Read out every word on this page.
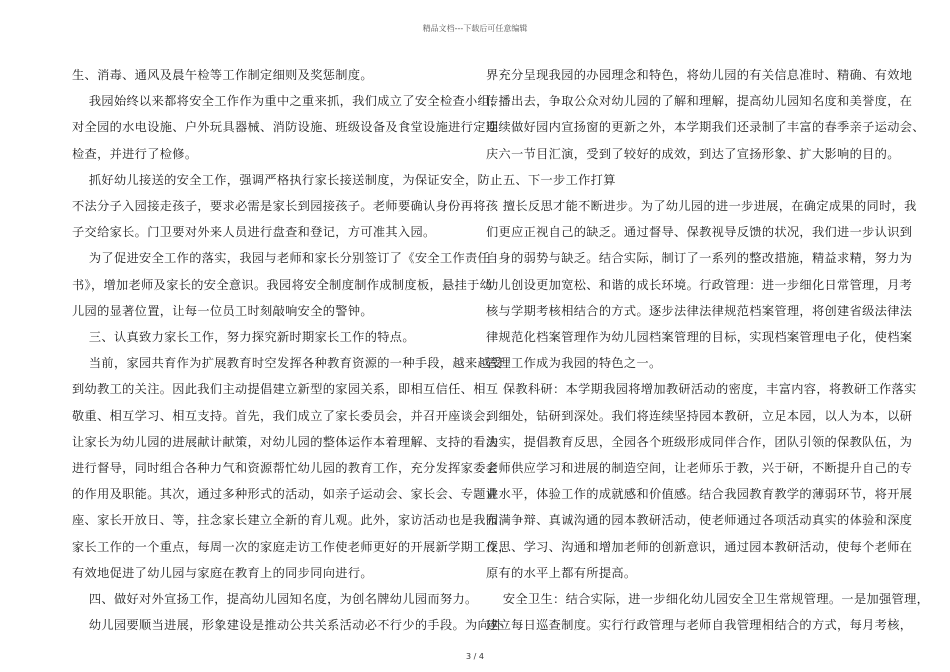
精品文档---下载后可任意编辑

生、消毒、通风及晨午检等工作制定细则及奖惩制度。

我园始终以来都将安全工作作为重中之重来抓，我们成立了安全检查小组，

对全园的水电设施、户外玩具器械、消防设施、班级设备及食堂设施进行定期

检查，并进行了检修。

抓好幼儿接送的安全工作，强调严格执行家长接送制度，为保证安全，防止

不法分子入园接走孩子，要求必需是家长到园接孩子。老师要确认身份再将孩

子交给家长。门卫要对外来人员进行盘查和登记，方可准其入园。

为了促进安全工作的落实，我园与老师和家长分别签订了《安全工作责任

书》，增加老师及家长的安全意识。我园将安全制度制作成制度板，悬挂于幼

儿园的显著位置，让每一位员工时刻敲响安全的警钟。

三、认真致力家长工作，努力探究新时期家长工作的特点。

当前，家园共育作为扩展教育时空发挥各种教育资源的一种手段，越来越受

到幼教工的关注。因此我们主动提倡建立新型的家园关系，即相互信任、相互

敬重、相互学习、相互支持。首先，我们成立了家长委员会，并召开座谈会，

让家长为幼儿园的进展献计献策，对幼儿园的整体运作本着理解、支持的看法

进行督导，同时组合各种力气和资源帮忙幼儿园的教育工作，充分发挥家委会

的作用及职能。其次，通过多种形式的活动，如亲子运动会、家长会、专题讲

座、家长开放日、等，拄念家长建立全新的育儿观。此外，家访活动也是我园

家长工作的一个重点，每周一次的家庭走访工作使老师更好的开展新学期工作，

有效地促进了幼儿园与家庭在教育上的同步同向进行。

四、做好对外宣扬工作，提高幼儿园知名度，为创名牌幼儿园而努力。

幼儿园要顺当进展，形象建设是推动公共关系活动必不行少的手段。为向外

界充分呈现我园的办园理念和特色，将幼儿园的有关信息准时、精确、有效地

传播出去，争取公众对幼儿园的了解和理解，提高幼儿园知名度和美誉度，在

连续做好园内宣扬窗的更新之外，本学期我们还录制了丰富的春季亲子运动会、

庆六一节目汇演，受到了较好的成效，到达了宣扬形象、扩大影响的目的。

五、下一步工作打算

擅长反思才能不断进步。为了幼儿园的进一步进展，在确定成果的同时，我

们更应正视自己的缺乏。通过督导、保教视导反馈的状况，我们进一步认识到

自身的弱势与缺乏。结合实际，制订了一系列的整改措施，精益求精，努力为

幼儿创设更加宽松、和谐的成长环境。行政管理：进一步细化日常管理，月考

核与学期考核相结合的方式。逐步法律法律规范档案管理，将创建省级法律法

律规范化档案管理作为幼儿园档案管理的目标，实现档案管理电子化，使档案

管理工作成为我园的特色之一。

保教科研：本学期我园将增加教研活动的密度，丰富内容，将教研工作落实

到细处，钻研到深处。我们将连续坚持园本教研，立足本园，以人为本，以研

为实，提倡教育反思，全园各个班级形成同伴合作，团队引领的保教队伍，为

老师供应学习和进展的制造空间，让老师乐于教，兴于研，不断提升自己的专

业水平，体验工作的成就感和价值感。结合我园教育教学的薄弱环节，将开展

布满争辩、真诚沟通的园本教研活动，使老师通过各项活动真实的体验和深度

反思、学习、沟通和增加老师的创新意识，通过园本教研活动，使每个老师在

原有的水平上都有所提高。

安全卫生：结合实际，进一步细化幼儿园安全卫生常规管理。一是加强管理，

建立每日巡查制度。实行行政管理与老师自我管理相结合的方式，每月考核，

3 / 4
